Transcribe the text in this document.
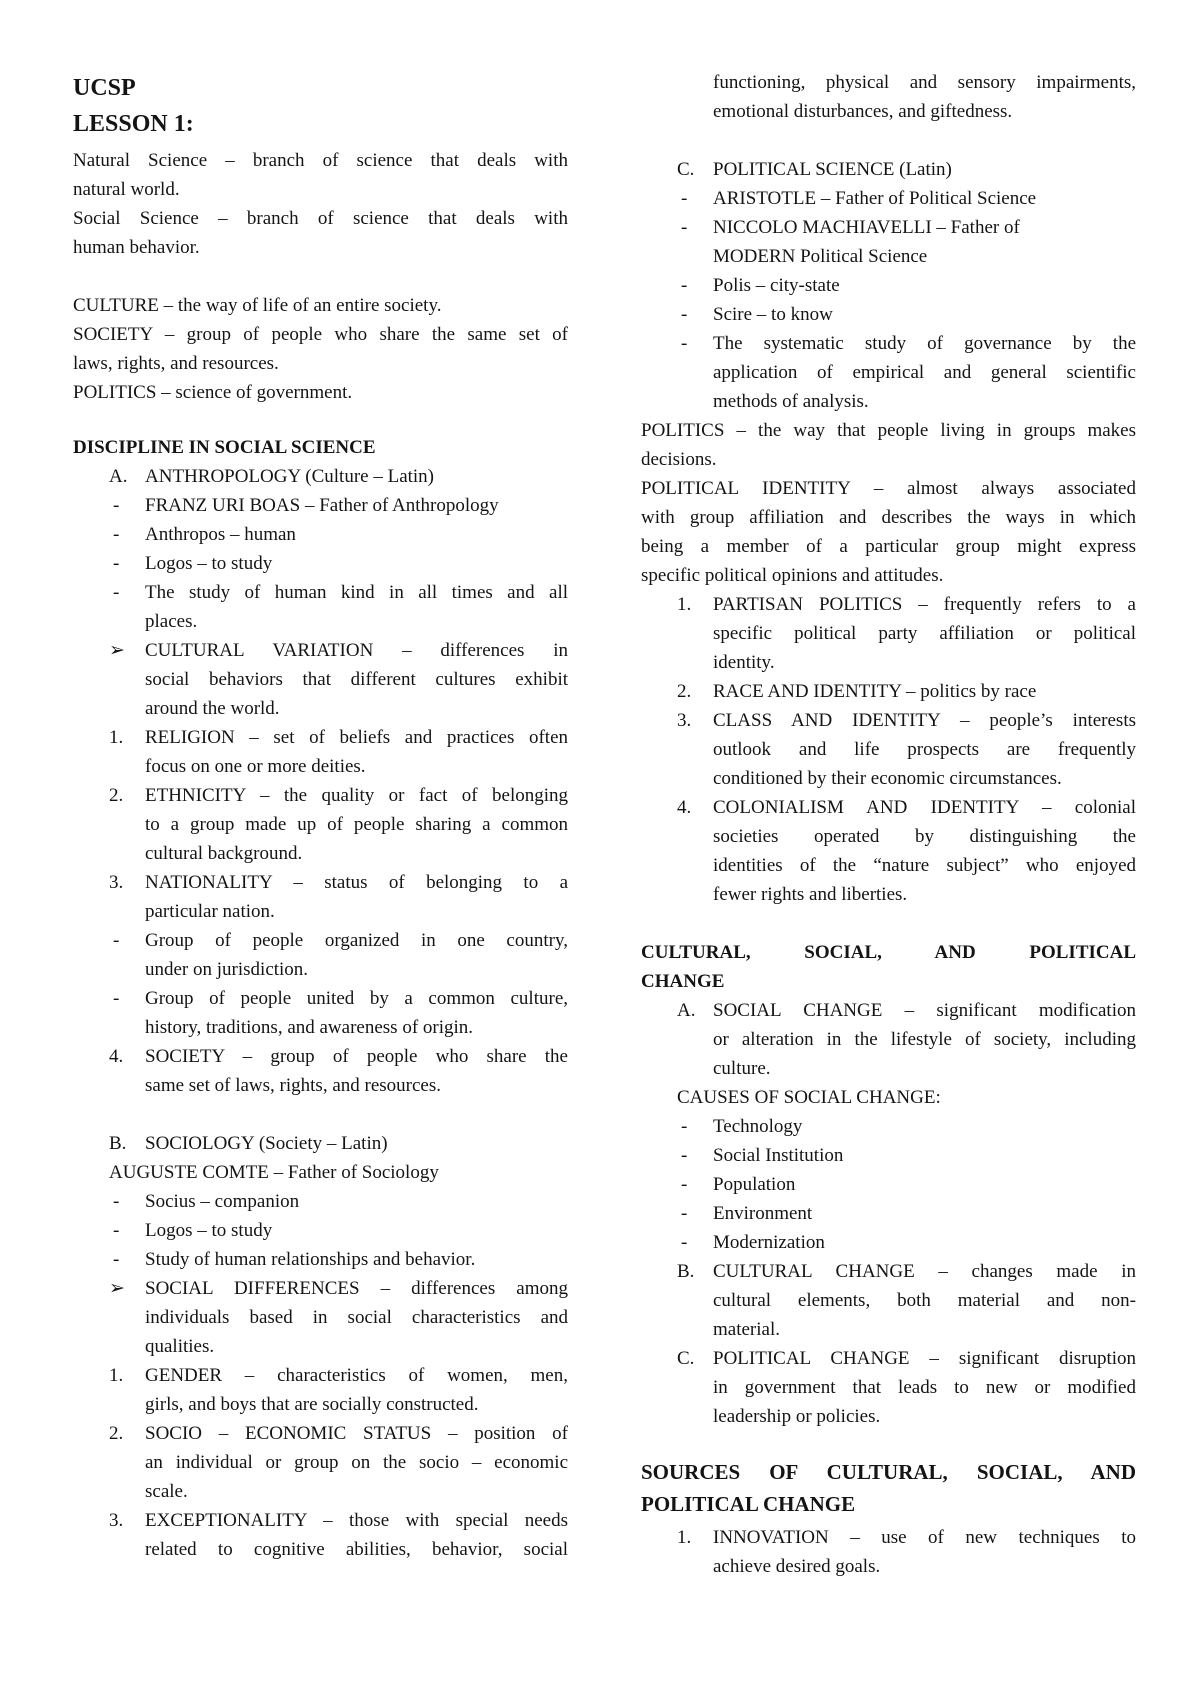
UCSP
LESSON 1:
Natural Science – branch of science that deals with
natural world.
Social Science – branch of science that deals with
human behavior.
CULTURE – the way of life of an entire society.
SOCIETY – group of people who share the same set of
laws, rights, and resources.
POLITICS – science of government.
DISCIPLINE IN SOCIAL SCIENCE
A. ANTHROPOLOGY (Culture – Latin)
-	FRANZ URI BOAS – Father of Anthropology
-	Anthropos – human
-	Logos – to study
-	The study of human kind in all times and all
places.
➢	CULTURAL VARIATION – differences in
social behaviors that different cultures exhibit
around the world.
1.	RELIGION – set of beliefs and practices often
focus on one or more deities.
2.	ETHNICITY – the quality or fact of belonging
to a group made up of people sharing a common
cultural background.
3.	NATIONALITY – status of belonging to a
particular nation.
-	Group of people organized in one country,
under on jurisdiction.
-	Group of people united by a common culture,
history, traditions, and awareness of origin.
4.	SOCIETY – group of people who share the
same set of laws, rights, and resources.
B. SOCIOLOGY (Society – Latin)
AUGUSTE COMTE – Father of Sociology
-	Socius – companion
-	Logos – to study
-	Study of human relationships and behavior.
➢	SOCIAL DIFFERENCES – differences among
individuals based in social characteristics and
qualities.
1.	GENDER – characteristics of women, men,
girls, and boys that are socially constructed.
2.	SOCIO – ECONOMIC STATUS – position of
an individual or group on the socio – economic
scale.
3.	EXCEPTIONALITY – those with special needs
related to cognitive abilities, behavior, social
functioning, physical and sensory impairments,
emotional disturbances, and giftedness.
C. POLITICAL SCIENCE (Latin)
-	ARISTOTLE – Father of Political Science
-	NICCOLO MACHIAVELLI – Father of
MODERN Political Science
-	Polis – city-state
-	Scire – to know
-	The systematic study of governance by the
application of empirical and general scientific
methods of analysis.
POLITICS – the way that people living in groups makes
decisions.
POLITICAL IDENTITY – almost always associated
with group affiliation and describes the ways in which
being a member of a particular group might express
specific political opinions and attitudes.
1.	PARTISAN POLITICS – frequently refers to a
specific political party affiliation or political
identity.
2.	RACE AND IDENTITY – politics by race
3.	CLASS AND IDENTITY – people’s interests
outlook and life prospects are frequently
conditioned by their economic circumstances.
4.	COLONIALISM AND IDENTITY – colonial
societies operated by distinguishing the
identities of the “nature subject” who enjoyed
fewer rights and liberties.
CULTURAL, SOCIAL, AND POLITICAL
CHANGE
A. SOCIAL CHANGE – significant modification
or alteration in the lifestyle of society, including
culture.
CAUSES OF SOCIAL CHANGE:
-	Technology
-	Social Institution
-	Population
-	Environment
-	Modernization
B. CULTURAL CHANGE – changes made in
cultural elements, both material and non-
material.
C. POLITICAL CHANGE – significant disruption
in government that leads to new or modified
leadership or policies.
SOURCES OF CULTURAL, SOCIAL, AND
POLITICAL CHANGE
1.	INNOVATION – use of new techniques to
achieve desired goals.
